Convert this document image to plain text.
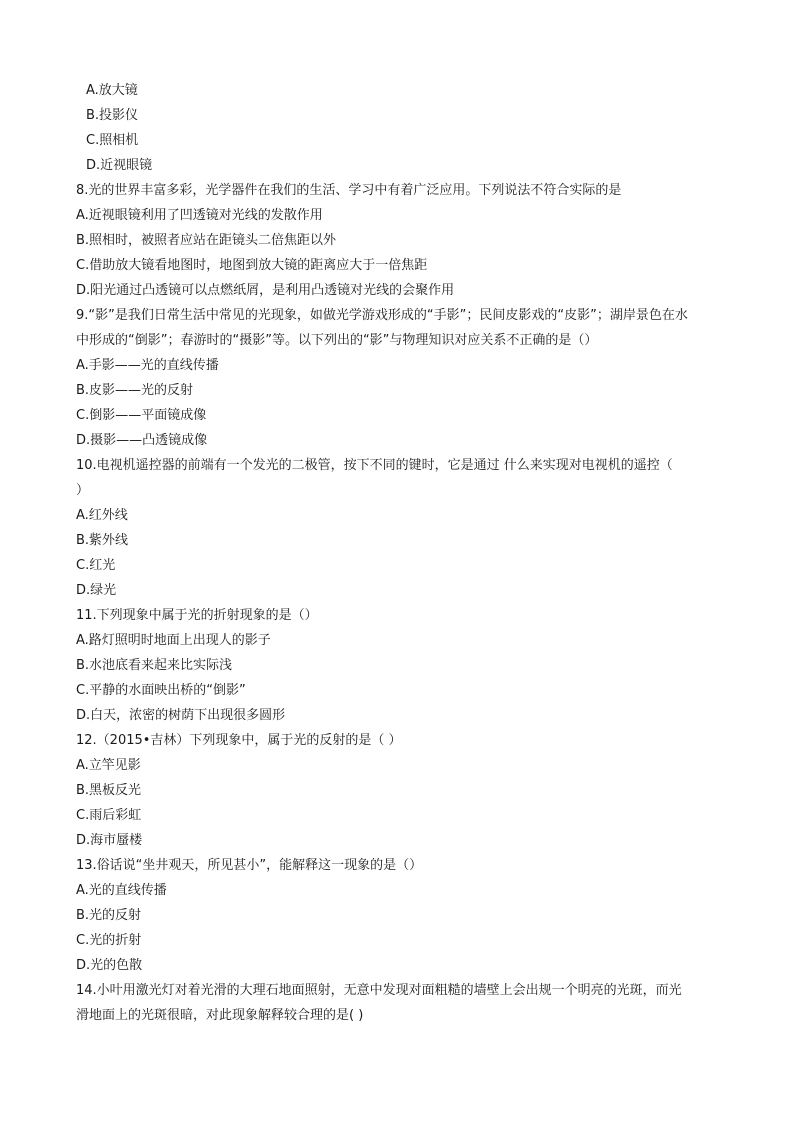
A.放大镜
B.投影仪
C.照相机
D.近视眼镜
8.光的世界丰富多彩，光学器件在我们的生活、学习中有着广泛应用。下列说法不符合实际的是
A.近视眼镜利用了凹透镜对光线的发散作用
B.照相时，被照者应站在距镜头二倍焦距以外
C.借助放大镜看地图时，地图到放大镜的距离应大于一倍焦距
D.阳光通过凸透镜可以点燃纸屑，是利用凸透镜对光线的会聚作用
9.“影”是我们日常生活中常见的光现象，如做光学游戏形成的“手影”；民间皮影戏的“皮影”；湖岸景色在水
中形成的“倒影”；春游时的“摄影”等。以下列出的“影”与物理知识对应关系不正确的是（）
A.手影——光的直线传播
B.皮影——光的反射
C.倒影——平面镜成像
D.摄影——凸透镜成像
10.电视机遥控器的前端有一个发光的二极管，按下不同的键时，它是通过 什么来实现对电视机的遥控（
）
A.红外线
B.紫外线
C.红光
D.绿光
11.下列现象中属于光的折射现象的是（）
A.路灯照明时地面上出现人的影子
B.水池底看来起来比实际浅
C.平静的水面映出桥的“倒影”
D.白天，浓密的树荫下出现很多圆形
12.（2015•吉林）下列现象中，属于光的反射的是（ ）
A.立竿见影
B.黑板反光
C.雨后彩虹
D.海市蜃楼
13.俗话说“坐井观天，所见甚小”，能解释这一现象的是（）
A.光的直线传播
B.光的反射
C.光的折射
D.光的色散
14.小叶用激光灯对着光滑的大理石地面照射，无意中发现对面粗糙的墙壁上会出规一个明亮的光斑，而光
滑地面上的光斑很暗，对此现象解释较合理的是( )
